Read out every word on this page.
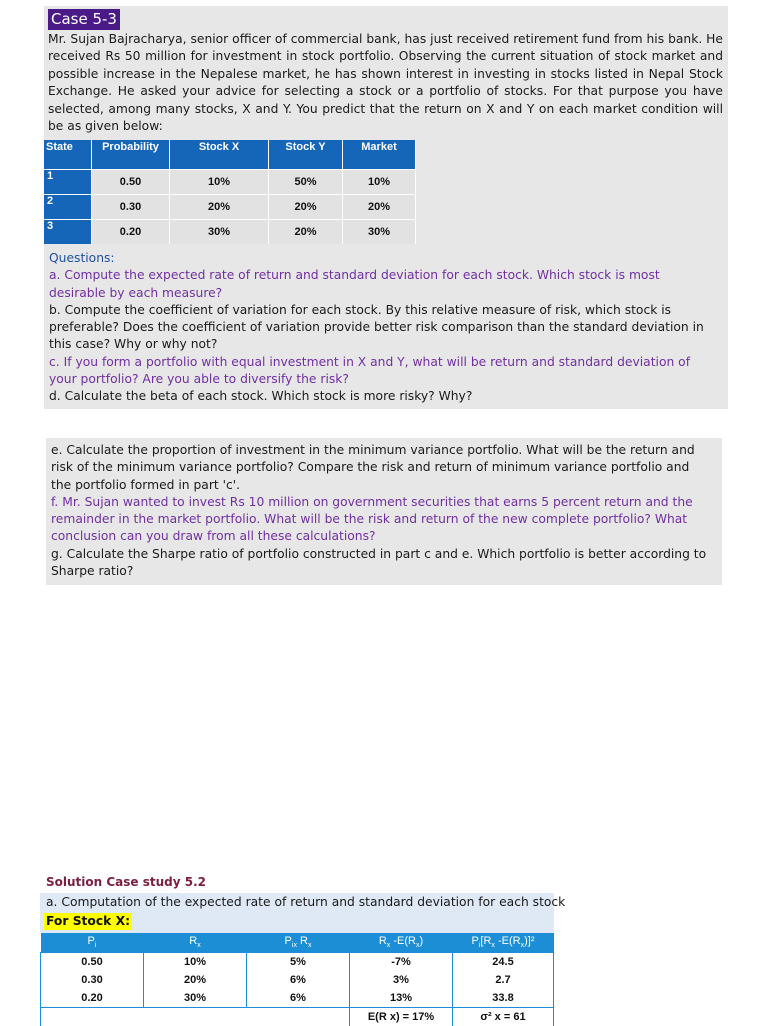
Case 5-3

Mr. Sujan Bajracharya, senior officer of commercial bank, has just received retirement fund from his bank. He received Rs 50 million for investment in stock portfolio. Observing the current situation of stock market and possible increase in the Nepalese market, he has shown interest in investing in stocks listed in Nepal Stock Exchange. He asked your advice for selecting a stock or a portfolio of stocks. For that purpose you have selected, among many stocks, X and Y. You predict that the return on X and Y on each market condition will be as given below:

State	Probability	Stock X	Stock Y	Market
1	0.50	10%	50%	10%
2	0.30	20%	20%	20%
3	0.20	30%	20%	30%

Questions:

a. Compute the expected rate of return and standard deviation for each stock. Which stock is most desirable by each measure?

b. Compute the coefficient of variation for each stock. By this relative measure of risk, which stock is preferable? Does the coefficient of variation provide better risk comparison than the standard deviation in this case? Why or why not?

c. If you form a portfolio with equal investment in X and Y, what will be return and standard deviation of your portfolio? Are you able to diversify the risk?

d. Calculate the beta of each stock. Which stock is more risky? Why?

e. Calculate the proportion of investment in the minimum variance portfolio. What will be the return and risk of the minimum variance portfolio? Compare the risk and return of minimum variance portfolio and the portfolio formed in part 'c'.

f. Mr. Sujan wanted to invest Rs 10 million on government securities that earns 5 percent return and the remainder in the market portfolio. What will be the risk and return of the new complete portfolio? What conclusion can you draw from all these calculations?

g. Calculate the Sharpe ratio of portfolio constructed in part c and e. Which portfolio is better according to Sharpe ratio?

Solution Case study 5.2
a. Computation of the expected rate of return and standard deviation for each stock
For Stock X:
$P_i$	$R_x$	$P_{ix}$ $R_x$	$R_x$ $-E(R_x)$	$P_i[R_x$ $-E(R_x)]^2$
0.50	10%	5%	-7%	24.5
0.30	20%	6%	3%	2.7
0.20	30%	6%	13%	33.8
			E(R x) = 17%	σ² x = 61
